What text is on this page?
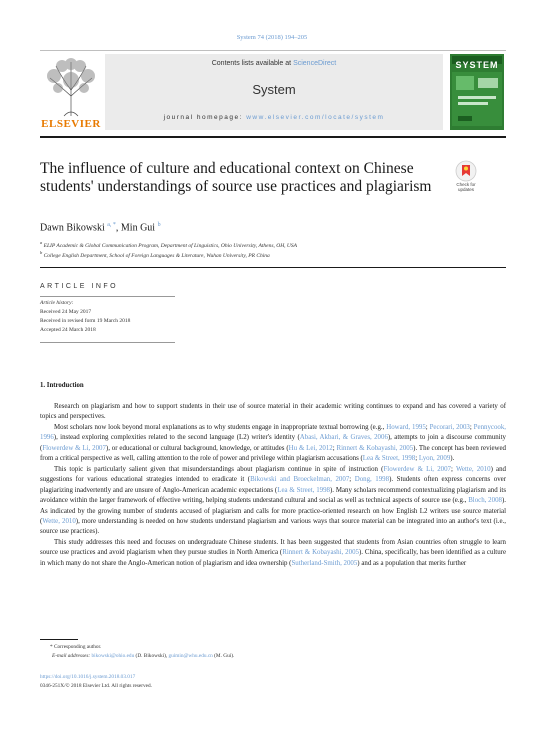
System 74 (2018) 194–205
ELSEVIER
Contents lists available at ScienceDirect
System
journal homepage: www.elsevier.com/locate/system
SYSTEM
The influence of culture and educational context on Chinese students' understandings of source use practices and plagiarism	Check for
updates
Dawn Bikowski $^{a, *}$, Min Gui $^b$
$^a$ ELIP Academic & Global Communication Program, Department of Linguistics, Ohio University, Athens, OH, USA
$^b$ College English Department, School of Foreign Languages & Literature, Wuhan University, PR China
ARTICLE INFO
Article history:
Received 24 May 2017
Received in revised form 19 March 2018
Accepted 24 March 2018
1. Introduction

Research on plagiarism and how to support students in their use of source material in their academic writing continues to expand and has covered a variety of topics and perspectives.

Most scholars now look beyond moral explanations as to why students engage in inappropriate textual borrowing (e.g., Howard, 1995; Pecorari, 2003; Pennycook, 1996), instead exploring complexities related to the second language (L2) writer's identity (Abasi, Akbari, & Graves, 2006), attempts to join a discourse community (Flowerdew & Li, 2007), or educational or cultural background, knowledge, or attitudes (Hu & Lei, 2012; Rinnert & Kobayashi, 2005). The concept has been reviewed from a critical perspective as well, calling attention to the role of power and privilege within plagiarism accusations (Lea & Street, 1998; Lyon, 2009).

This topic is particularly salient given that misunderstandings about plagiarism continue in spite of instruction (Flowerdew & Li, 2007; Wette, 2010) and suggestions for various educational strategies intended to eradicate it (Bikowski and Broeckelman, 2007; Dong, 1998). Students often express concerns over plagiarizing inadvertently and are unsure of Anglo-American academic expectations (Lea & Street, 1998). Many scholars recommend contextualizing plagiarism and its avoidance within the larger framework of effective writing, helping students understand cultural and social as well as technical aspects of source use (e.g., Bloch, 2008). As indicated by the growing number of students accused of plagiarism and calls for more practice-oriented research on how English L2 writers use source material (Wette, 2010), more understanding is needed on how students understand plagiarism and various ways that source material can be integrated into an author's text (i.e., source use practices).

This study addresses this need and focuses on undergraduate Chinese students. It has been suggested that students from Asian countries often struggle to learn source use practices and avoid plagiarism when they pursue studies in North America (Rinnert & Kobayashi, 2005). China, specifically, has been identified as a culture in which many do not share the Anglo-American notion of plagiarism and idea ownership (Sutherland-Smith, 2005) and as a population that merits further

* Corresponding author.
E-mail addresses: bikowski@ohio.edu (D. Bikowski), guimin@whu.edu.cn (M. Gui).
https://doi.org/10.1016/j.system.2018.03.017
0346-251X/© 2018 Elsevier Ltd. All rights reserved.
